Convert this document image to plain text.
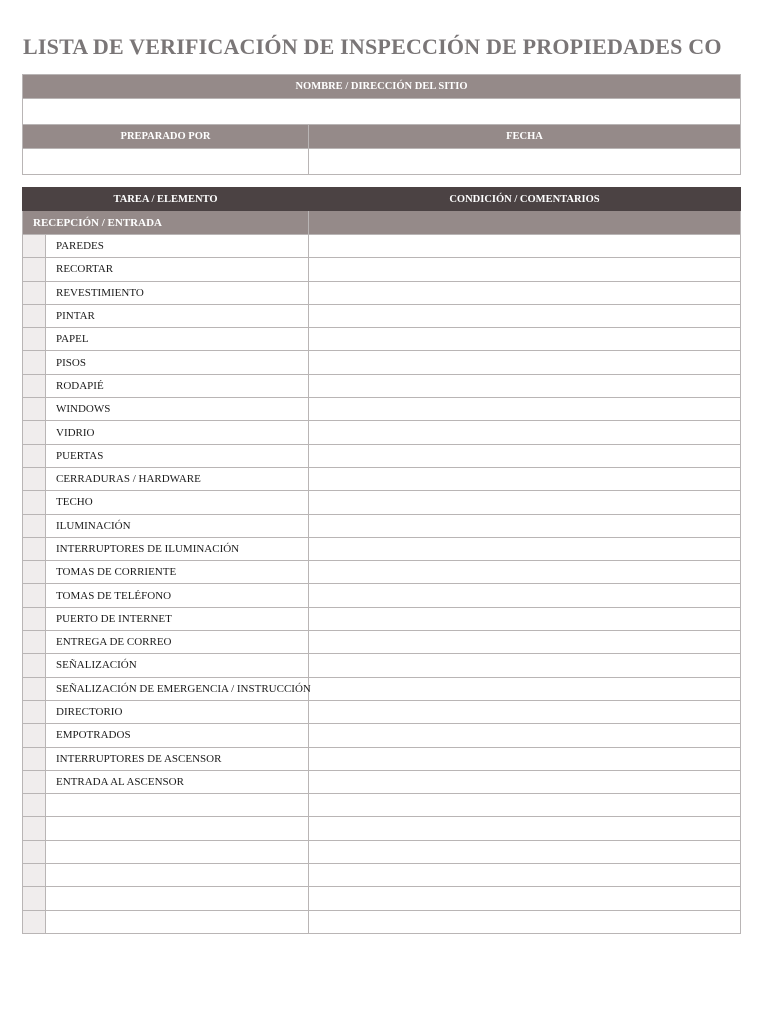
LISTA DE VERIFICACIÓN DE INSPECCIÓN DE PROPIEDADES CO
NOMBRE / DIRECCIÓN DEL SITIO	

PREPARADO POR	FECHA

TAREA / ELEMENTO		CONDICIÓN / COMENTARIOS
RECEPCIÓN / ENTRADA		
	PAREDES	
	RECORTAR	
	REVESTIMIENTO	
	PINTAR	
	PAPEL	
	PISOS	
	RODAPIÉ	
	WINDOWS	
	VIDRIO	
	PUERTAS	
	CERRADURAS / HARDWARE	
	TECHO	
	ILUMINACIÓN	
	INTERRUPTORES DE ILUMINACIÓN	
	TOMAS DE CORRIENTE	
	TOMAS DE TELÉFONO	
	PUERTO DE INTERNET	
	ENTREGA DE CORREO	
	SEÑALIZACIÓN	
	SEÑALIZACIÓN DE EMERGENCIA / INSTRUCCIÓN	
	DIRECTORIO	
	EMPOTRADOS	
	INTERRUPTORES DE ASCENSOR	
	ENTRADA AL ASCENSOR	
